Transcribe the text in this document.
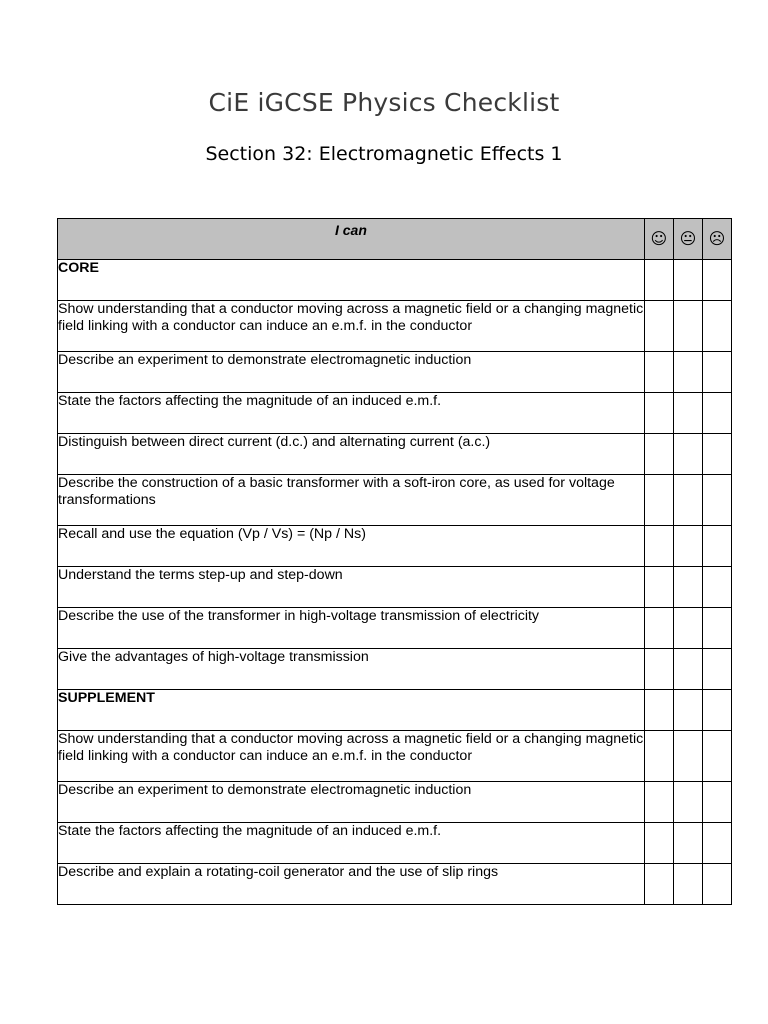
CiE iGCSE Physics Checklist
Section 32: Electromagnetic Effects 1
I can	☺	😐	☹
CORE			
Show understanding that a conductor moving across a magnetic field or a changing magnetic field linking with a conductor can induce an e.m.f. in the conductor			
Describe an experiment to demonstrate electromagnetic induction			
State the factors affecting the magnitude of an induced e.m.f.			
Distinguish between direct current (d.c.) and alternating current (a.c.)			
Describe the construction of a basic transformer with a soft-iron core, as used for voltage transformations			
Recall and use the equation (Vp / Vs) = (Np / Ns)			
Understand the terms step-up and step-down			
Describe the use of the transformer in high-voltage transmission of electricity			
Give the advantages of high-voltage transmission			
SUPPLEMENT			
Show understanding that a conductor moving across a magnetic field or a changing magnetic field linking with a conductor can induce an e.m.f. in the conductor			
Describe an experiment to demonstrate electromagnetic induction			
State the factors affecting the magnitude of an induced e.m.f.			
Describe and explain a rotating-coil generator and the use of slip rings			
